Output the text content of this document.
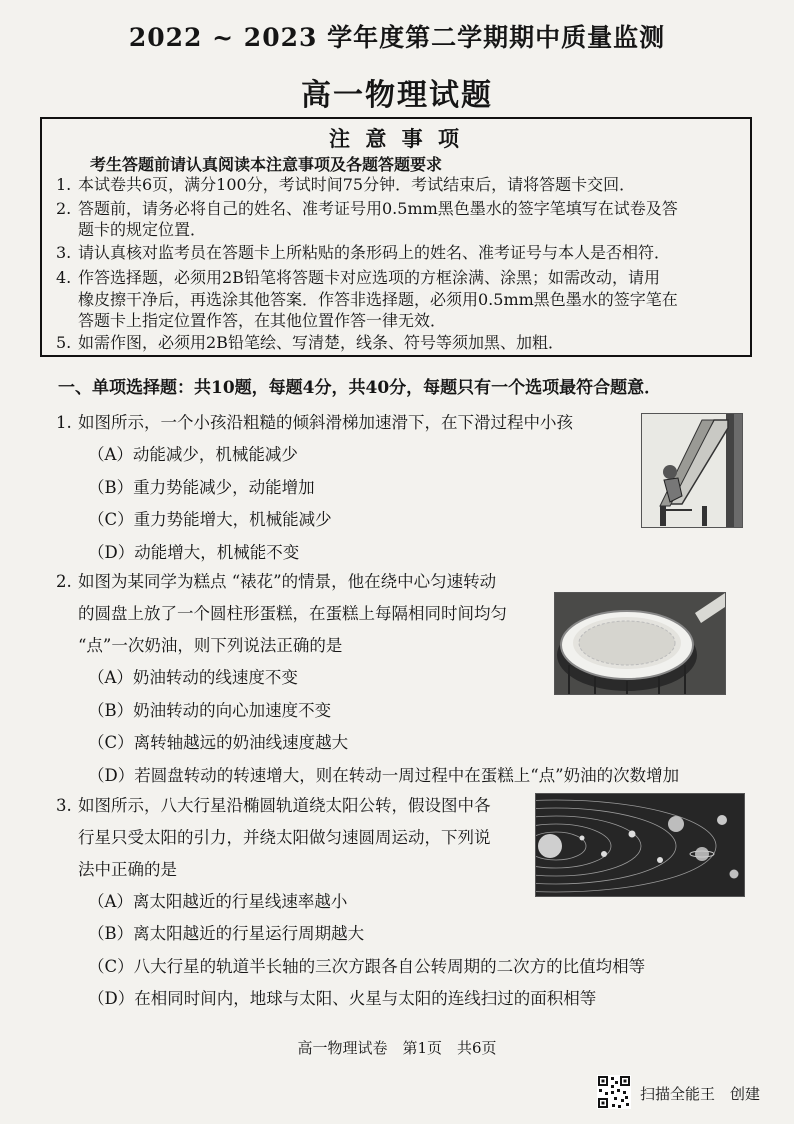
2022 ~ 2023 学年度第二学期期中质量监测
高一物理试题
注 意 事 项
考生答题前请认真阅读本注意事项及各题答题要求
1. 本试卷共6页，满分100分，考试时间75分钟．考试结束后，请将答题卡交回．
2. 答题前，请务必将自己的姓名、准考证号用0.5mm黑色墨水的签字笔填写在试卷及答
题卡的规定位置．
3. 请认真核对监考员在答题卡上所粘贴的条形码上的姓名、准考证号与本人是否相符．
4. 作答选择题，必须用2B铅笔将答题卡对应选项的方框涂满、涂黑；如需改动，请用
橡皮擦干净后，再选涂其他答案．作答非选择题，必须用0.5mm黑色墨水的签字笔在
答题卡上指定位置作答，在其他位置作答一律无效．
5. 如需作图，必须用2B铅笔绘、写清楚，线条、符号等须加黑、加粗．
一、单项选择题：共10题，每题4分，共40分，每题只有一个选项最符合题意．
1. 如图所示，一个小孩沿粗糙的倾斜滑梯加速滑下，在下滑过程中小孩
（A）动能减少，机械能减少
（B）重力势能减少，动能增加
（C）重力势能增大，机械能减少
（D）动能增大，机械能不变
2. 如图为某同学为糕点 “裱花”的情景，他在绕中心匀速转动
的圆盘上放了一个圆柱形蛋糕，在蛋糕上每隔相同时间均匀
“点”一次奶油，则下列说法正确的是
（A）奶油转动的线速度不变
（B）奶油转动的向心加速度不变
（C）离转轴越远的奶油线速度越大
（D）若圆盘转动的转速增大，则在转动一周过程中在蛋糕上“点”奶油的次数增加
3. 如图所示，八大行星沿椭圆轨道绕太阳公转，假设图中各
行星只受太阳的引力，并绕太阳做匀速圆周运动，下列说
法中正确的是
（A）离太阳越近的行星线速率越小
（B）离太阳越近的行星运行周期越大
（C）八大行星的轨道半长轴的三次方跟各自公转周期的二次方的比值均相等
（D）在相同时间内，地球与太阳、火星与太阳的连线扫过的面积相等
高一物理试卷　第1页　共6页
扫描全能王　创建
